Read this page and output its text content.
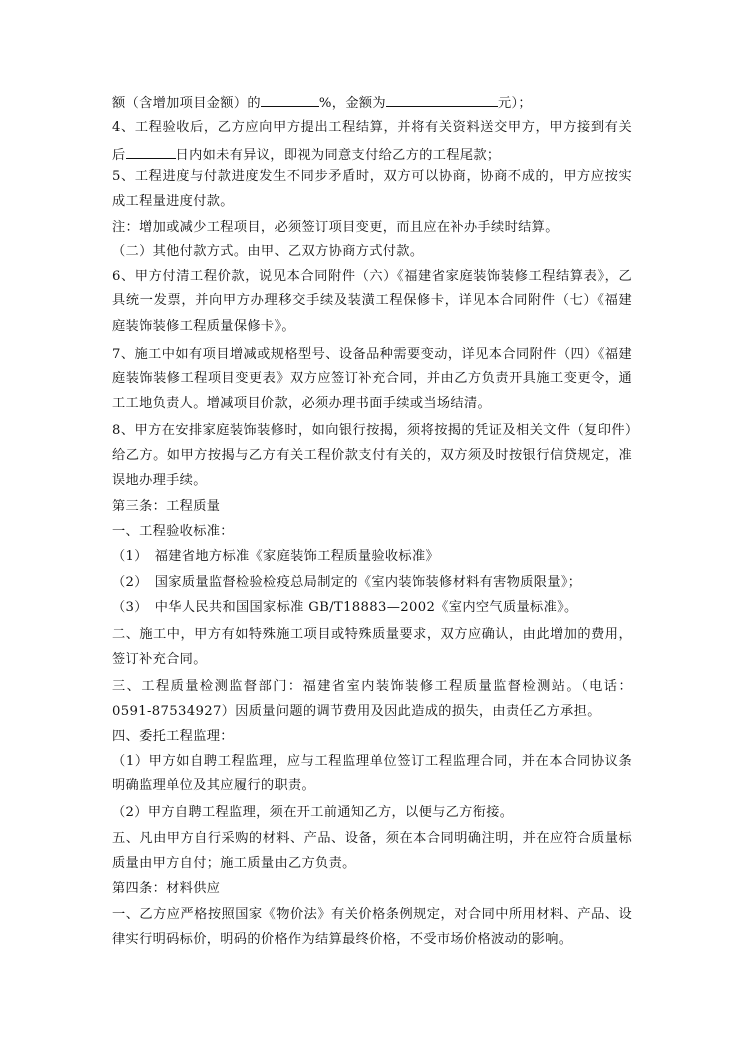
额（含增加项目金额）的	%，金额为	元）；
4、工程验收后，乙方应向甲方提出工程结算，并将有关资料送交甲方，甲方接到有关
后	日内如未有异议，即视为同意支付给乙方的工程尾款；
5、工程进度与付款进度发生不同步矛盾时，双方可以协商，协商不成的，甲方应按实
成工程量进度付款。
注：增加或减少工程项目，必须签订项目变更，而且应在补办手续时结算。
（二）其他付款方式。由甲、乙双方协商方式付款。
6、甲方付清工程价款，说见本合同附件（六）《福建省家庭装饰装修工程结算表》，乙
具统一发票，并向甲方办理移交手续及装潢工程保修卡，详见本合同附件（七）《福建
庭装饰装修工程质量保修卡》。
7、施工中如有项目增减或规格型号、设备品种需要变动，详见本合同附件（四）《福建
庭装饰装修工程项目变更表》双方应签订补充合同，并由乙方负责开具施工变更令，通
工工地负责人。增减项目价款，必须办理书面手续或当场结清。
8、甲方在安排家庭装饰装修时，如向银行按揭，须将按揭的凭证及相关文件（复印件）
给乙方。如甲方按揭与乙方有关工程价款支付有关的，双方须及时按银行信贷规定，准
误地办理手续。
第三条：工程质量
一、工程验收标准：
（1）　福建省地方标准《家庭装饰工程质量验收标准》
（2）　国家质量监督检验检疫总局制定的《室内装饰装修材料有害物质限量》；
（3）　中华人民共和国国家标准 GB/T18883—2002《室内空气质量标准》。
二、施工中，甲方有如特殊施工项目或特殊质量要求，双方应确认，由此增加的费用，
签订补充合同。
三、工程质量检测监督部门：福建省室内装饰装修工程质量监督检测站。（电话：
0591-87534927）因质量问题的调节费用及因此造成的损失，由责任乙方承担。
四、委托工程监理：
（1）甲方如自聘工程监理，应与工程监理单位签订工程监理合同，并在本合同协议条
明确监理单位及其应履行的职责。
（2）甲方自聘工程监理，须在开工前通知乙方，以便与乙方衔接。
五、凡由甲方自行采购的材料、产品、设备，须在本合同明确注明，并在应符合质量标
质量由甲方自付；施工质量由乙方负责。
第四条：材料供应
一、乙方应严格按照国家《物价法》有关价格条例规定，对合同中所用材料、产品、设
律实行明码标价，明码的价格作为结算最终价格，不受市场价格波动的影响。
